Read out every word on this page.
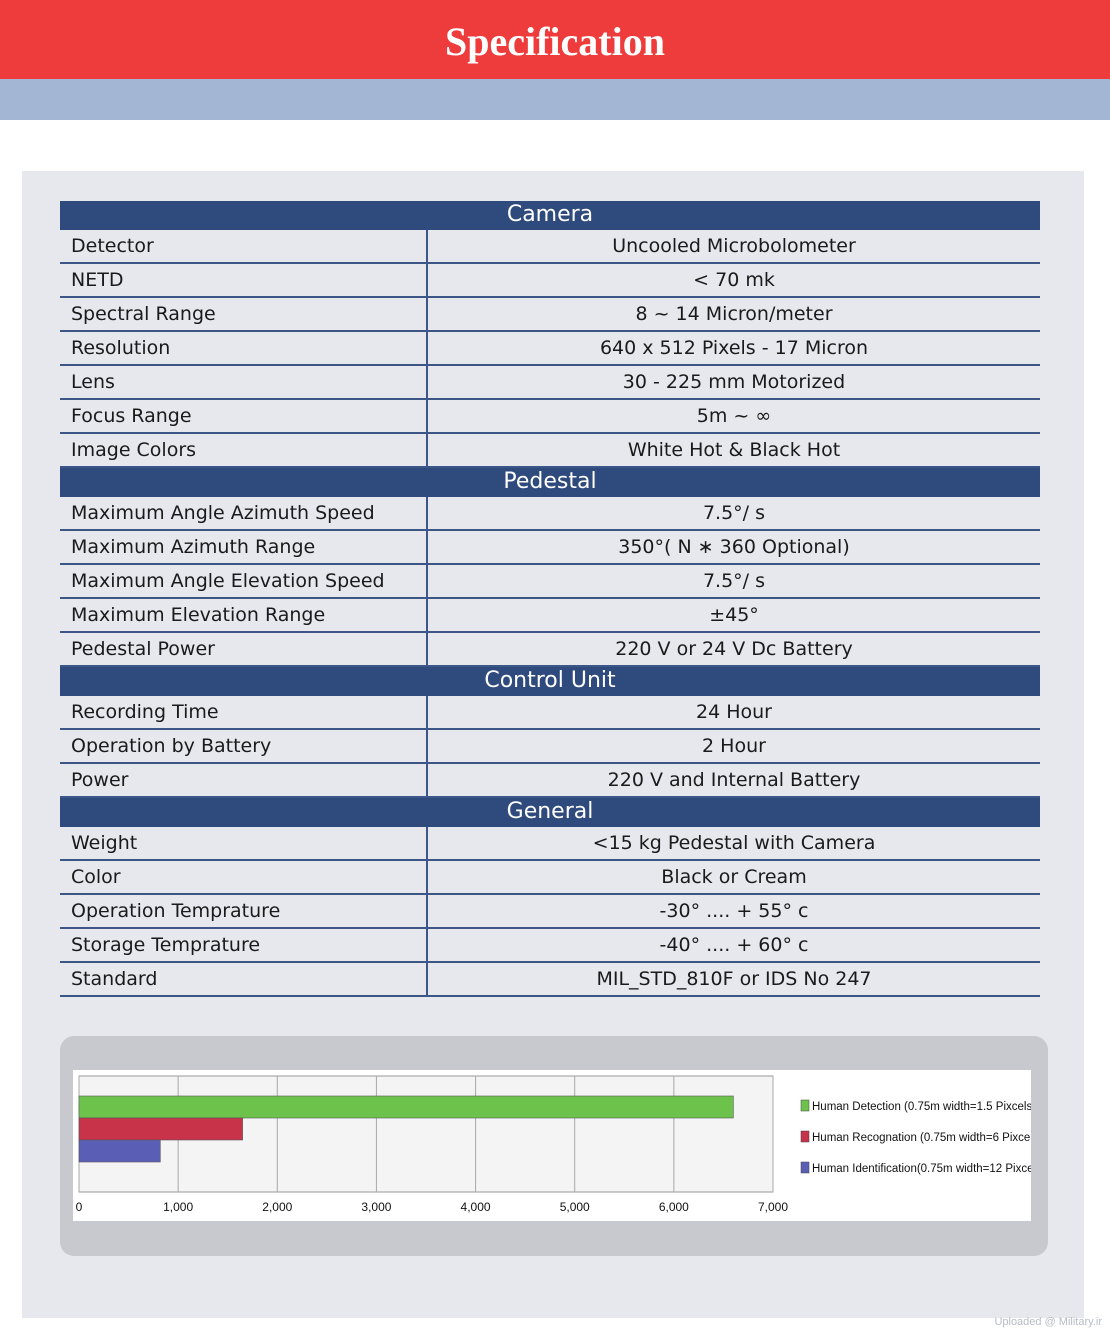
Specification
Camera
Detector	Uncooled Microbolometer
NETD	< 70 mk
Spectral Range	8 ~ 14 Micron/meter
Resolution	640 x 512 Pixels - 17 Micron
Lens	30 - 225 mm Motorized
Focus Range	5m ~ ∞
Image Colors	White Hot & Black Hot
Pedestal
Maximum Angle Azimuth Speed	7.5°/ s
Maximum Azimuth Range	350°( N ∗ 360 Optional)
Maximum Angle Elevation Speed	7.5°/ s
Maximum Elevation Range	±45°
Pedestal Power	220 V or 24 V Dc Battery
Control Unit
Recording Time	24 Hour
Operation by Battery	2 Hour
Power	220 V and Internal Battery
General
Weight	<15 kg Pedestal with Camera
Color	Black or Cream
Operation Temprature	-30° .... + 55° c
Storage Temprature	-40° .... + 60° c
Standard	MIL_STD_810F or IDS No 247
0	1,000	2,000	3,000	4,000	5,000	6,000	7,000
Human Detection (0.75m width=1.5 Pixcels)
Human Recognation (0.75m width=6 Pixcels)
Human Identification(0.75m width=12 Pixcels)
Uploaded @ Military.ir
